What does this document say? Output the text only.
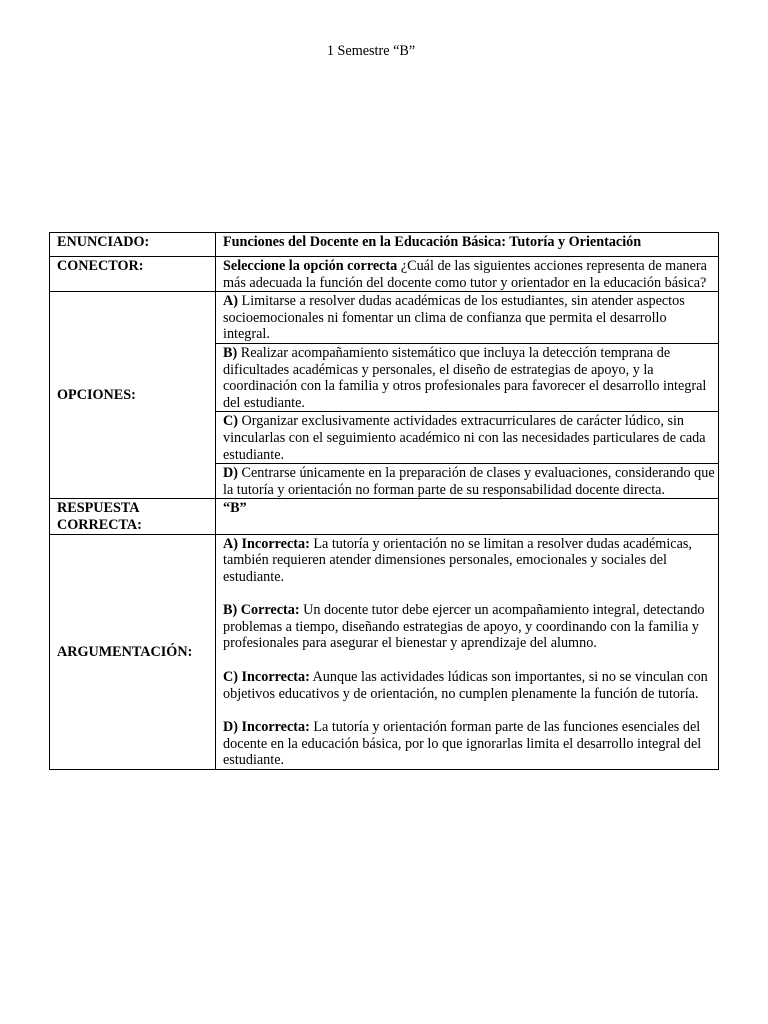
1 Semestre “B”
ENUNCIADO:	Funciones del Docente en la Educación Básica: Tutoría y Orientación
CONECTOR:	Seleccione la opción correcta ¿Cuál de las siguientes acciones representa de manera más adecuada la función del docente como tutor y orientador en la educación básica?
OPCIONES:	A) Limitarse a resolver dudas académicas de los estudiantes, sin atender aspectos socioemocionales ni fomentar un clima de confianza que permita el desarrollo integral.
	B) Realizar acompañamiento sistemático que incluya la detección temprana de dificultades académicas y personales, el diseño de estrategias de apoyo, y la coordinación con la familia y otros profesionales para favorecer el desarrollo integral del estudiante.
	C) Organizar exclusivamente actividades extracurriculares de carácter lúdico, sin vincularlas con el seguimiento académico ni con las necesidades particulares de cada estudiante.
	D) Centrarse únicamente en la preparación de clases y evaluaciones, considerando que la tutoría y orientación no forman parte de su responsabilidad docente directa.
RESPUESTA CORRECTA:	“B”
ARGUMENTACIÓN:	A) Incorrecta: La tutoría y orientación no se limitan a resolver dudas académicas, también requieren atender dimensiones personales, emocionales y sociales del estudiante.

B) Correcta: Un docente tutor debe ejercer un acompañamiento integral, detectando problemas a tiempo, diseñando estrategias de apoyo, y coordinando con la familia y profesionales para asegurar el bienestar y aprendizaje del alumno.

C) Incorrecta: Aunque las actividades lúdicas son importantes, si no se vinculan con objetivos educativos y de orientación, no cumplen plenamente la función de tutoría.

D) Incorrecta: La tutoría y orientación forman parte de las funciones esenciales del docente en la educación básica, por lo que ignorarlas limita el desarrollo integral del estudiante.
